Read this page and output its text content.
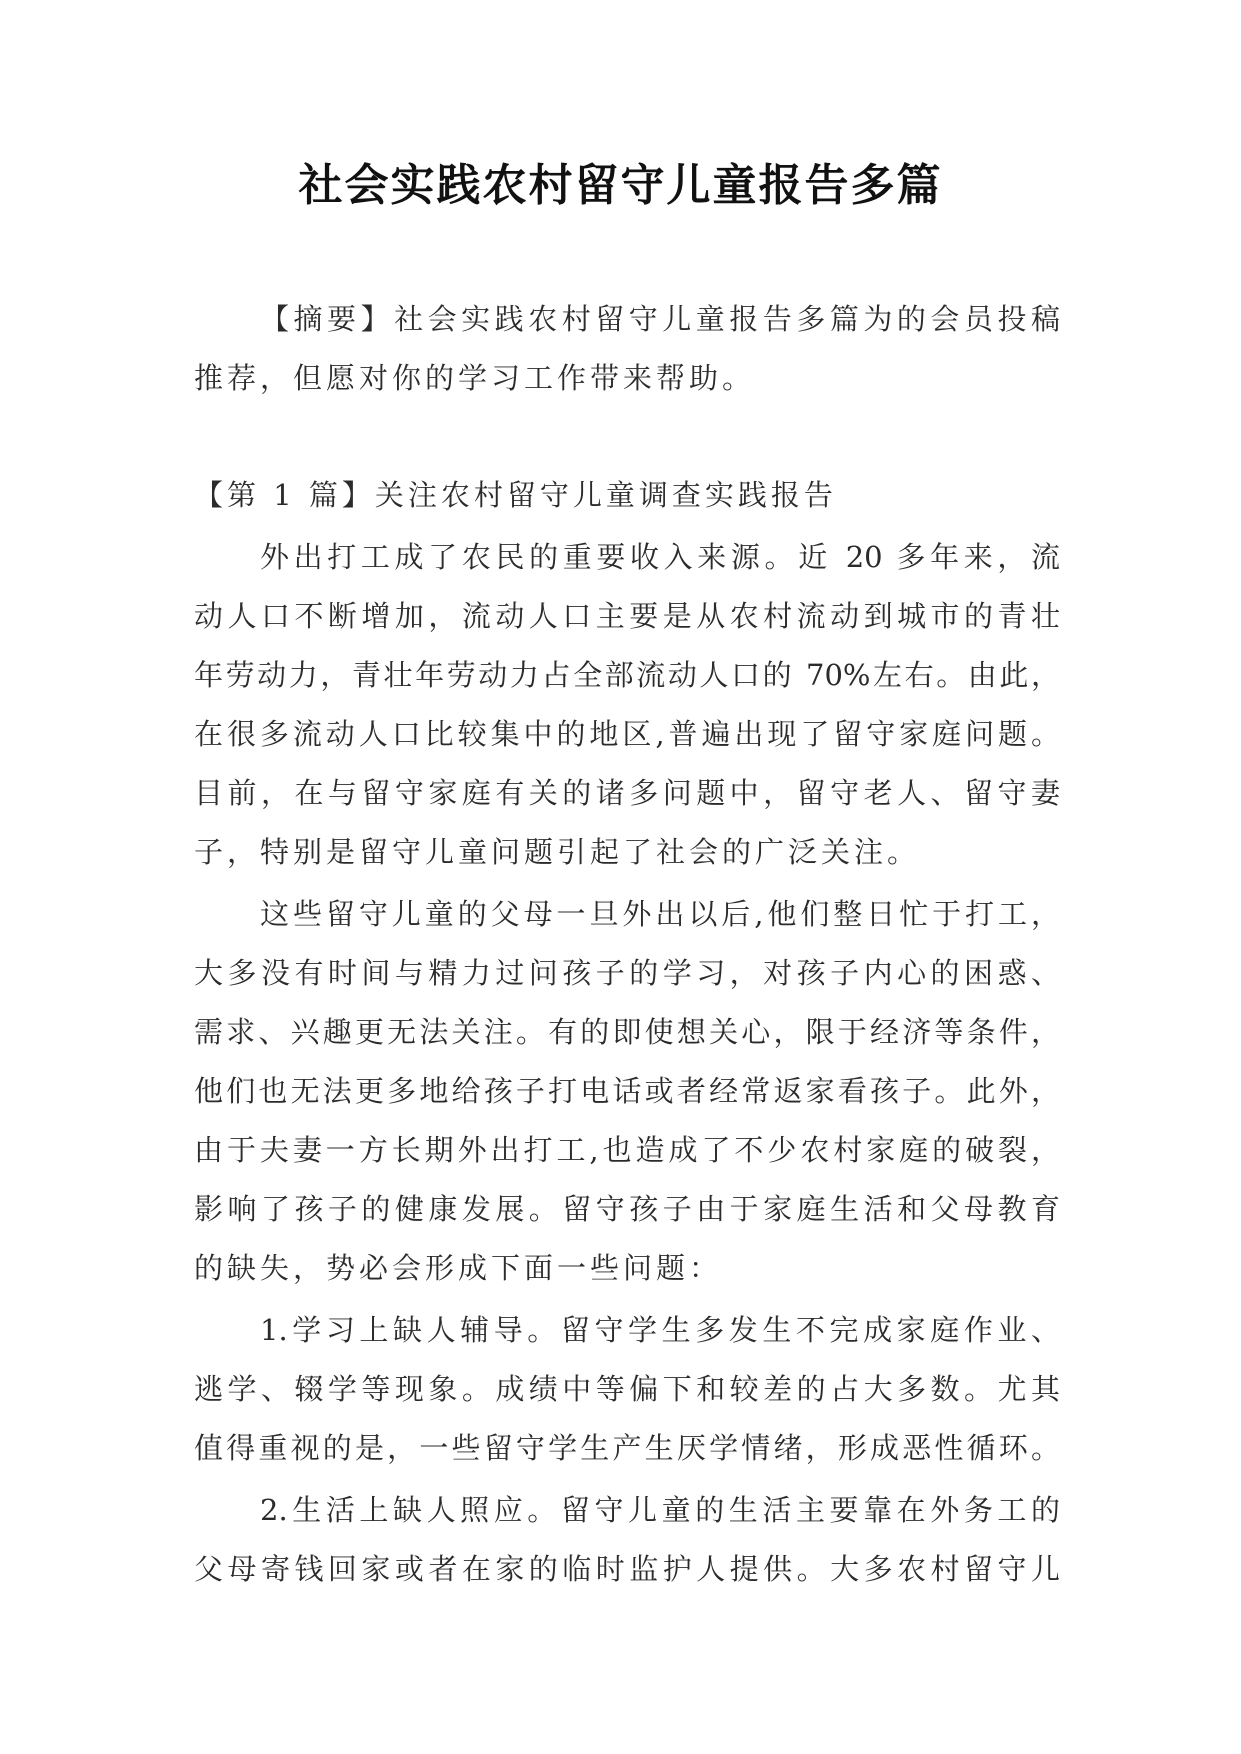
社会实践农村留守儿童报告多篇
【摘要】社会实践农村留守儿童报告多篇为的会员投稿
推荐，但愿对你的学习工作带来帮助。
【第 1 篇】关注农村留守儿童调查实践报告
外出打工成了农民的重要收入来源。近 20 多年来，流
动人口不断增加，流动人口主要是从农村流动到城市的青壮
年劳动力，青壮年劳动力占全部流动人口的 70%左右。由此，
在很多流动人口比较集中的地区,普遍出现了留守家庭问题。
目前，在与留守家庭有关的诸多问题中，留守老人、留守妻
子，特别是留守儿童问题引起了社会的广泛关注。
这些留守儿童的父母一旦外出以后,他们整日忙于打工，
大多没有时间与精力过问孩子的学习，对孩子内心的困惑、
需求、兴趣更无法关注。有的即使想关心，限于经济等条件，
他们也无法更多地给孩子打电话或者经常返家看孩子。此外，
由于夫妻一方长期外出打工,也造成了不少农村家庭的破裂，
影响了孩子的健康发展。留守孩子由于家庭生活和父母教育
的缺失，势必会形成下面一些问题：
1.学习上缺人辅导。留守学生多发生不完成家庭作业、
逃学、辍学等现象。成绩中等偏下和较差的占大多数。尤其
值得重视的是，一些留守学生产生厌学情绪，形成恶性循环。
2.生活上缺人照应。留守儿童的生活主要靠在外务工的
父母寄钱回家或者在家的临时监护人提供。大多农村留守儿
